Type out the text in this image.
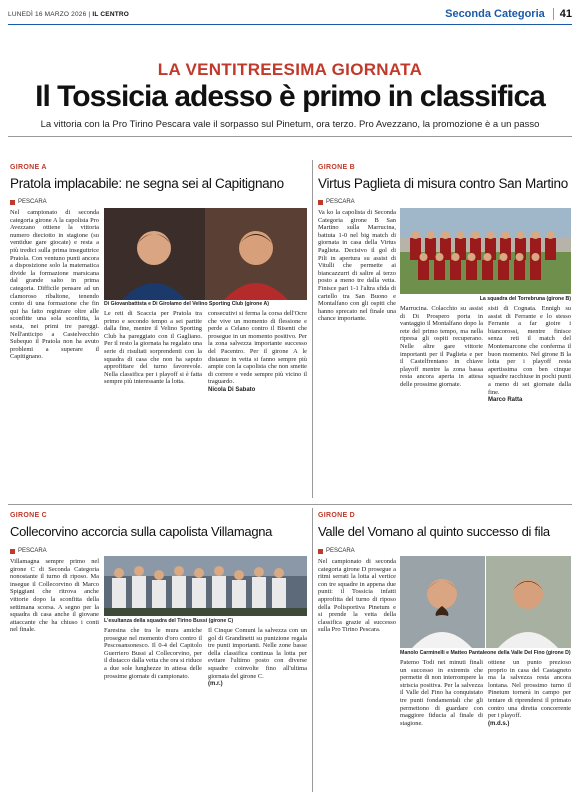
LUNEDÌ 16 MARZO 2026 | IL CENTRO	Seconda Categoria	41
LA VENTITREESIMA GIORNATA
Il Tossicia adesso è primo in classifica
La vittoria con la Pro Tirino Pescara vale il sorpasso sul Pinetum, ora terzo. Pro Avezzano, la promozione è a un passo
GIRONE A
Pratola implacabile: ne segna sei al Capitignano
PESCARA
Nel campionato di seconda categoria girone A la capolista Pro Avezzano ottiene la vittoria numero dieciotto in stagione (su ventidue gare giocate) e resta a più tredici sulla prima inseguitrice Pratola. Con ventuno punti ancora a disposizione solo la matematica divide la formazione marsicana dal grande salto in prima categoria. Difficile pensare ad un clamoroso ribaltone, tenendo conto di una formazione che fin qui ha fatto registrare oltre alle sconfitte una sola sconfitta, la sesta, nei primi tre pareggi. Nell'anticipo a Castelvecchio Subequo il Pratola non ha avuto problemi a superare il Capitignano.
Di Giovanbattista e Di Girolamo del Velino Sporting Club (girone A)
Le reti di Scaccia per Pratola tra primo e secondo tempo a sei partite dalla fine, mentre il Velino Sporting Club ha pareggiato con il Gagliano. Per il resto la giornata ha regalato una serie di risultati sorprendenti con la squadra di casa che non ha saputo approfittare del turno favorevole. Nella classifica per i playoff si è fatta sempre più interessante la lotta.
consecutivi si ferma la corsa dell'Ocre che vive un momento di flessione e perde a Celano contro il Bisenti che prosegue in un momento positivo. Per la zona salvezza importante successo del Pacentro. Per il girone A le distanze in vetta si fanno sempre più ampie con la capolista che non smette di correre e vede sempre più vicino il traguardo.
Nicola Di Sabato
GIRONE B
Virtus Paglieta di misura contro San Martino
PESCARA
Va ko la capolista di Seconda Categoria girone B San Martino sulla Marrucina, battuta 1-0 nel big match di giornata in casa della Virtus Paglieta. Decisivo il gol di Pili in apertura su assist di Vitulli che permette ai biancazzurri di salire al terzo posto a meno tre dalla vetta. Finisce pari 1-1 l'altra sfida di cartello tra San Buono e Montalfano con gli ospiti che hanno sprecato nel finale una chance importante.
La squadra del Torrebruna (girone B)
Marrucina. Colacchio su assist di Di Prospero porta in vantaggio il Montalfano dopo la rete del primo tempo, ma nella ripresa gli ospiti recuperano. Nelle altre gare vittorie importanti per il Paglieta e per il Castelfrentano in chiave playoff mentre la zona bassa resta ancora aperta in attesa delle prossime giornate.
sisti di Cognata. Ennigh su assist di Ferrante e lo stesso Ferrante a far gioire i biancorossi, mentre finisce senza reti il match del Montemarcone che conferma il buon momento. Nel girone B la lotta per i playoff resta apertissima con ben cinque squadre racchiuse in pochi punti a meno di sei giornate dalla fine.
Marco Ratta
GIRONE C
Collecorvino accorcia sulla capolista Villamagna
PESCARA
Villamagna sempre primo nel girone C di Seconda Categoria nonostante il turno di riposo. Ma insegue il Collecorvino di Marco Spiggiani che ritrova anche vittorie dopo la sconfitta della settimana scorsa. A segno per la squadra di casa anche il giovane attaccante che ha chiuso i conti nel finale.
L'esultanza della squadra del Tirino Bussi (girone C)
Faresina che tra le mura amiche prosegue nel momento d'oro contro il Pescosansonesco. Il 0-4 del Capitolo Guerriero Bussi al Collecorvino, per il distacco dalla vetta che ora si riduce a due sole lunghezze in attesa delle prossime giornate di campionato.
Il Cinque Comuni la salvezza con un gol di Grandinetti su punizione regala tre punti importanti. Nelle zone basse della classifica continua la lotta per evitare l'ultimo posto con diverse squadre coinvolte fino all'ultima giornata del girone C.
(m.r.)
GIRONE D
Valle del Vomano al quinto successo di fila
PESCARA
Nel campionato di seconda categoria girone D prosegue a ritmi serrati la lotta al vertice con tre squadre in appena due punti: il Tossicia infatti approfitta del turno di riposo della Polisportiva Pinetum e si prende la vetta della classifica grazie al successo sulla Pro Tirino Pescara.
Manolo Carminelli e Matteo Pantaleone della Valle Del Fino (girone D)
Patemo Todi nei minuti finali un successo in extremis che permette di non interrompere la striscia positiva. Per la salvezza il Valle del Fino ha conquistato tre punti fondamentali che gli permettono di guardare con maggiore fiducia al finale di stagione.
ottiene un punto prezioso proprio in casa del Castagneto ma la salvezza resta ancora lontana. Nel prossimo turno il Pinetum tornerà in campo per tentare di riprendersi il primato contro una diretta concorrente per i playoff.
(m.d.s.)
